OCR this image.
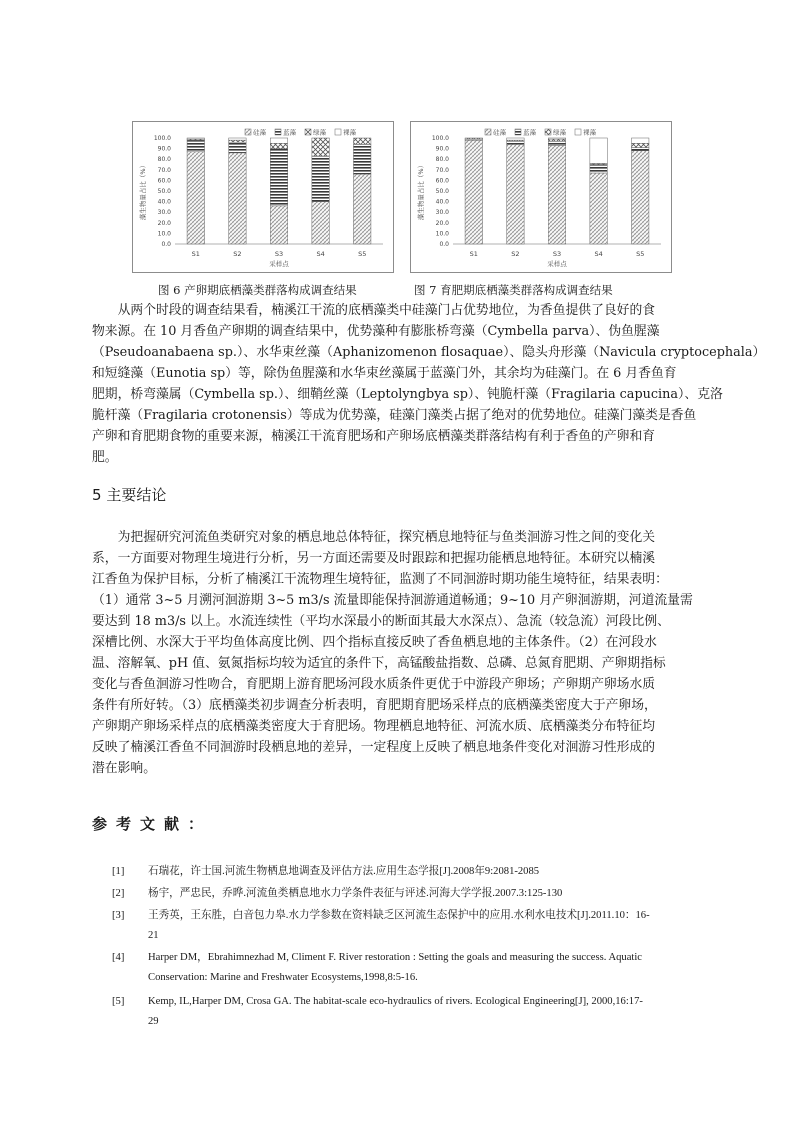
0.0
10.0
20.0
30.0
40.0
50.0
60.0
70.0
80.0
90.0
100.0
藻生物量占比（%）
S1	S2	S3	S4	S5
采样点
硅藻	蓝藻	绿藻	裸藻
0.0
10.0
20.0
30.0
40.0
50.0
60.0
70.0
80.0
90.0
100.0
藻生物量占比（%）
S1	S2	S3	S4	S5
采样点
硅藻	蓝藻	绿藻	裸藻
图 6 产卵期底栖藻类群落构成调查结果	图 7 育肥期底栖藻类群落构成调查结果
从两个时段的调查结果看，楠溪江干流的底栖藻类中硅藻门占优势地位，为香鱼提供了良好的食
物来源。在 10 月香鱼产卵期的调查结果中，优势藻种有膨胀桥弯藻（Cymbella parva）、伪鱼腥藻
（Pseudoanabaena sp.）、水华束丝藻（Aphanizomenon flosaquae）、隐头舟形藻（Navicula cryptocephala）
和短缝藻（Eunotia sp）等，除伪鱼腥藻和水华束丝藻属于蓝藻门外，其余均为硅藻门。在 6 月香鱼育
肥期，桥弯藻属（Cymbella sp.）、细鞘丝藻（Leptolyngbya sp）、钝脆杆藻（Fragilaria capucina）、克洛
脆杆藻（Fragilaria crotonensis）等成为优势藻，硅藻门藻类占据了绝对的优势地位。硅藻门藻类是香鱼
产卵和育肥期食物的重要来源，楠溪江干流育肥场和产卵场底栖藻类群落结构有利于香鱼的产卵和育
肥。
5 主要结论
为把握研究河流鱼类研究对象的栖息地总体特征，探究栖息地特征与鱼类洄游习性之间的变化关
系，一方面要对物理生境进行分析，另一方面还需要及时跟踪和把握功能栖息地特征。本研究以楠溪
江香鱼为保护目标，分析了楠溪江干流物理生境特征，监测了不同洄游时期功能生境特征，结果表明：
（1）通常 3~5 月溯河洄游期 3~5 m3/s 流量即能保持洄游通道畅通；9~10 月产卵洄游期，河道流量需
要达到 18 m3/s 以上。水流连续性（平均水深最小的断面其最大水深点）、急流（较急流）河段比例、
深槽比例、水深大于平均鱼体高度比例、四个指标直接反映了香鱼栖息地的主体条件。（2）在河段水
温、溶解氧、pH 值、氨氮指标均较为适宜的条件下，高锰酸盐指数、总磷、总氮育肥期、产卵期指标
变化与香鱼洄游习性吻合，育肥期上游育肥场河段水质条件更优于中游段产卵场；产卵期产卵场水质
条件有所好转。（3）底栖藻类初步调查分析表明，育肥期育肥场采样点的底栖藻类密度大于产卵场，
产卵期产卵场采样点的底栖藻类密度大于育肥场。物理栖息地特征、河流水质、底栖藻类分布特征均
反映了楠溪江香鱼不同洄游时段栖息地的差异，一定程度上反映了栖息地条件变化对洄游习性形成的
潜在影响。
参考文献：
[1] 石瑞花，许士国.河流生物栖息地调查及评估方法.应用生态学报[J].2008年9:2081-2085
[2] 杨宇，严忠民，乔晔.河流鱼类栖息地水力学条件表征与评述.河海大学学报.2007.3:125-130
[3] 王秀英，王东胜，白音包力皋.水力学参数在资料缺乏区河流生态保护中的应用.水利水电技术[J].2011.10：16-
21
[4] Harper DM，Ebrahimnezhad M, Climent F. River restoration : Setting the goals and measuring the success. Aquatic
Conservation: Marine and Freshwater Ecosystems,1998,8:5-16.
[5] Kemp, IL,Harper DM, Crosa GA. The habitat-scale eco-hydraulics of rivers. Ecological Engineering[J], 2000,16:17-
29
